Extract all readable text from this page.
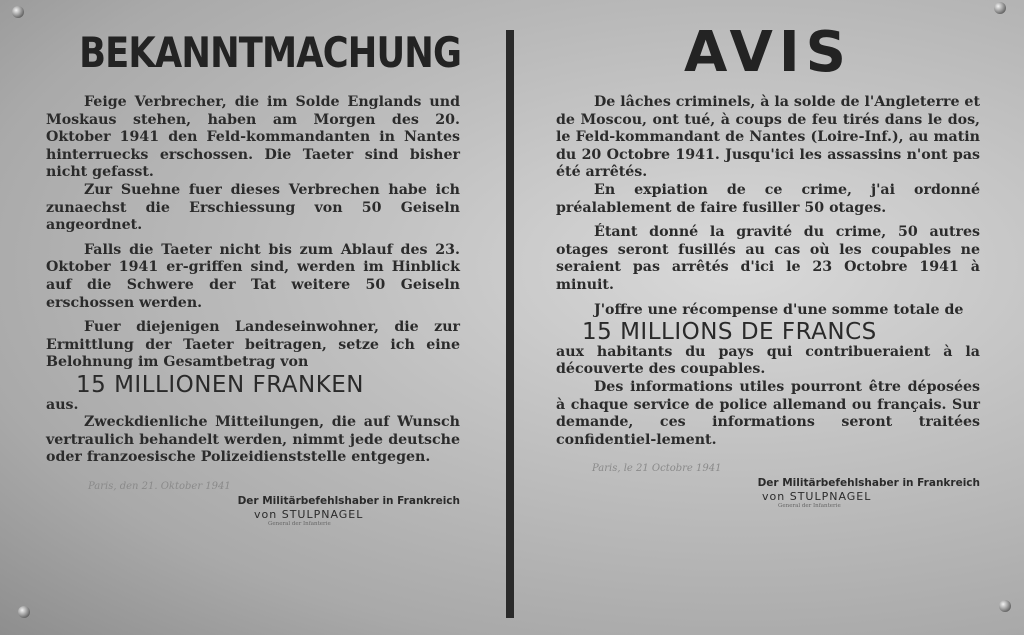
BEKANNTMACHUNG

Feige Verbrecher, die im Solde Englands und Moskaus stehen, haben am Morgen des 20. Oktober 1941 den Feld-kommandanten in Nantes hinterruecks erschossen. Die Taeter sind bisher nicht gefasst.

Zur Suehne fuer dieses Verbrechen habe ich zunaechst die Erschiessung von 50 Geiseln angeordnet.

Falls die Taeter nicht bis zum Ablauf des 23. Oktober 1941 er-griffen sind, werden im Hinblick auf die Schwere der Tat weitere 50 Geiseln erschossen werden.

Fuer diejenigen Landeseinwohner, die zur Ermittlung der Taeter beitragen, setze ich eine Belohnung im Gesamtbetrag von

15 MILLIONEN FRANKEN

aus.

Zweckdienliche Mitteilungen, die auf Wunsch vertraulich behandelt werden, nimmt jede deutsche oder franzoesische Polizeidienststelle entgegen.

Paris, den 21. Oktober 1941
Der Militärbefehlshaber in Frankreich
von STULPNAGEL
General der Infanterie
AVIS

De lâches criminels, à la solde de l'Angleterre et de Moscou, ont tué, à coups de feu tirés dans le dos, le Feld-kommandant de Nantes (Loire-Inf.), au matin du 20 Octobre 1941. Jusqu'ici les assassins n'ont pas été arrêtés.

En expiation de ce crime, j'ai ordonné préalablement de faire fusiller 50 otages.

Étant donné la gravité du crime, 50 autres otages seront fusillés au cas où les coupables ne seraient pas arrêtés d'ici le 23 Octobre 1941 à minuit.

J'offre une récompense d'une somme totale de

15 MILLIONS DE FRANCS

aux habitants du pays qui contribueraient à la découverte des coupables.

Des informations utiles pourront être déposées à chaque service de police allemand ou français. Sur demande, ces informations seront traitées confidentiel-lement.

Paris, le 21 Octobre 1941
Der Militärbefehlshaber in Frankreich
von STULPNAGEL
General der Infanterie
